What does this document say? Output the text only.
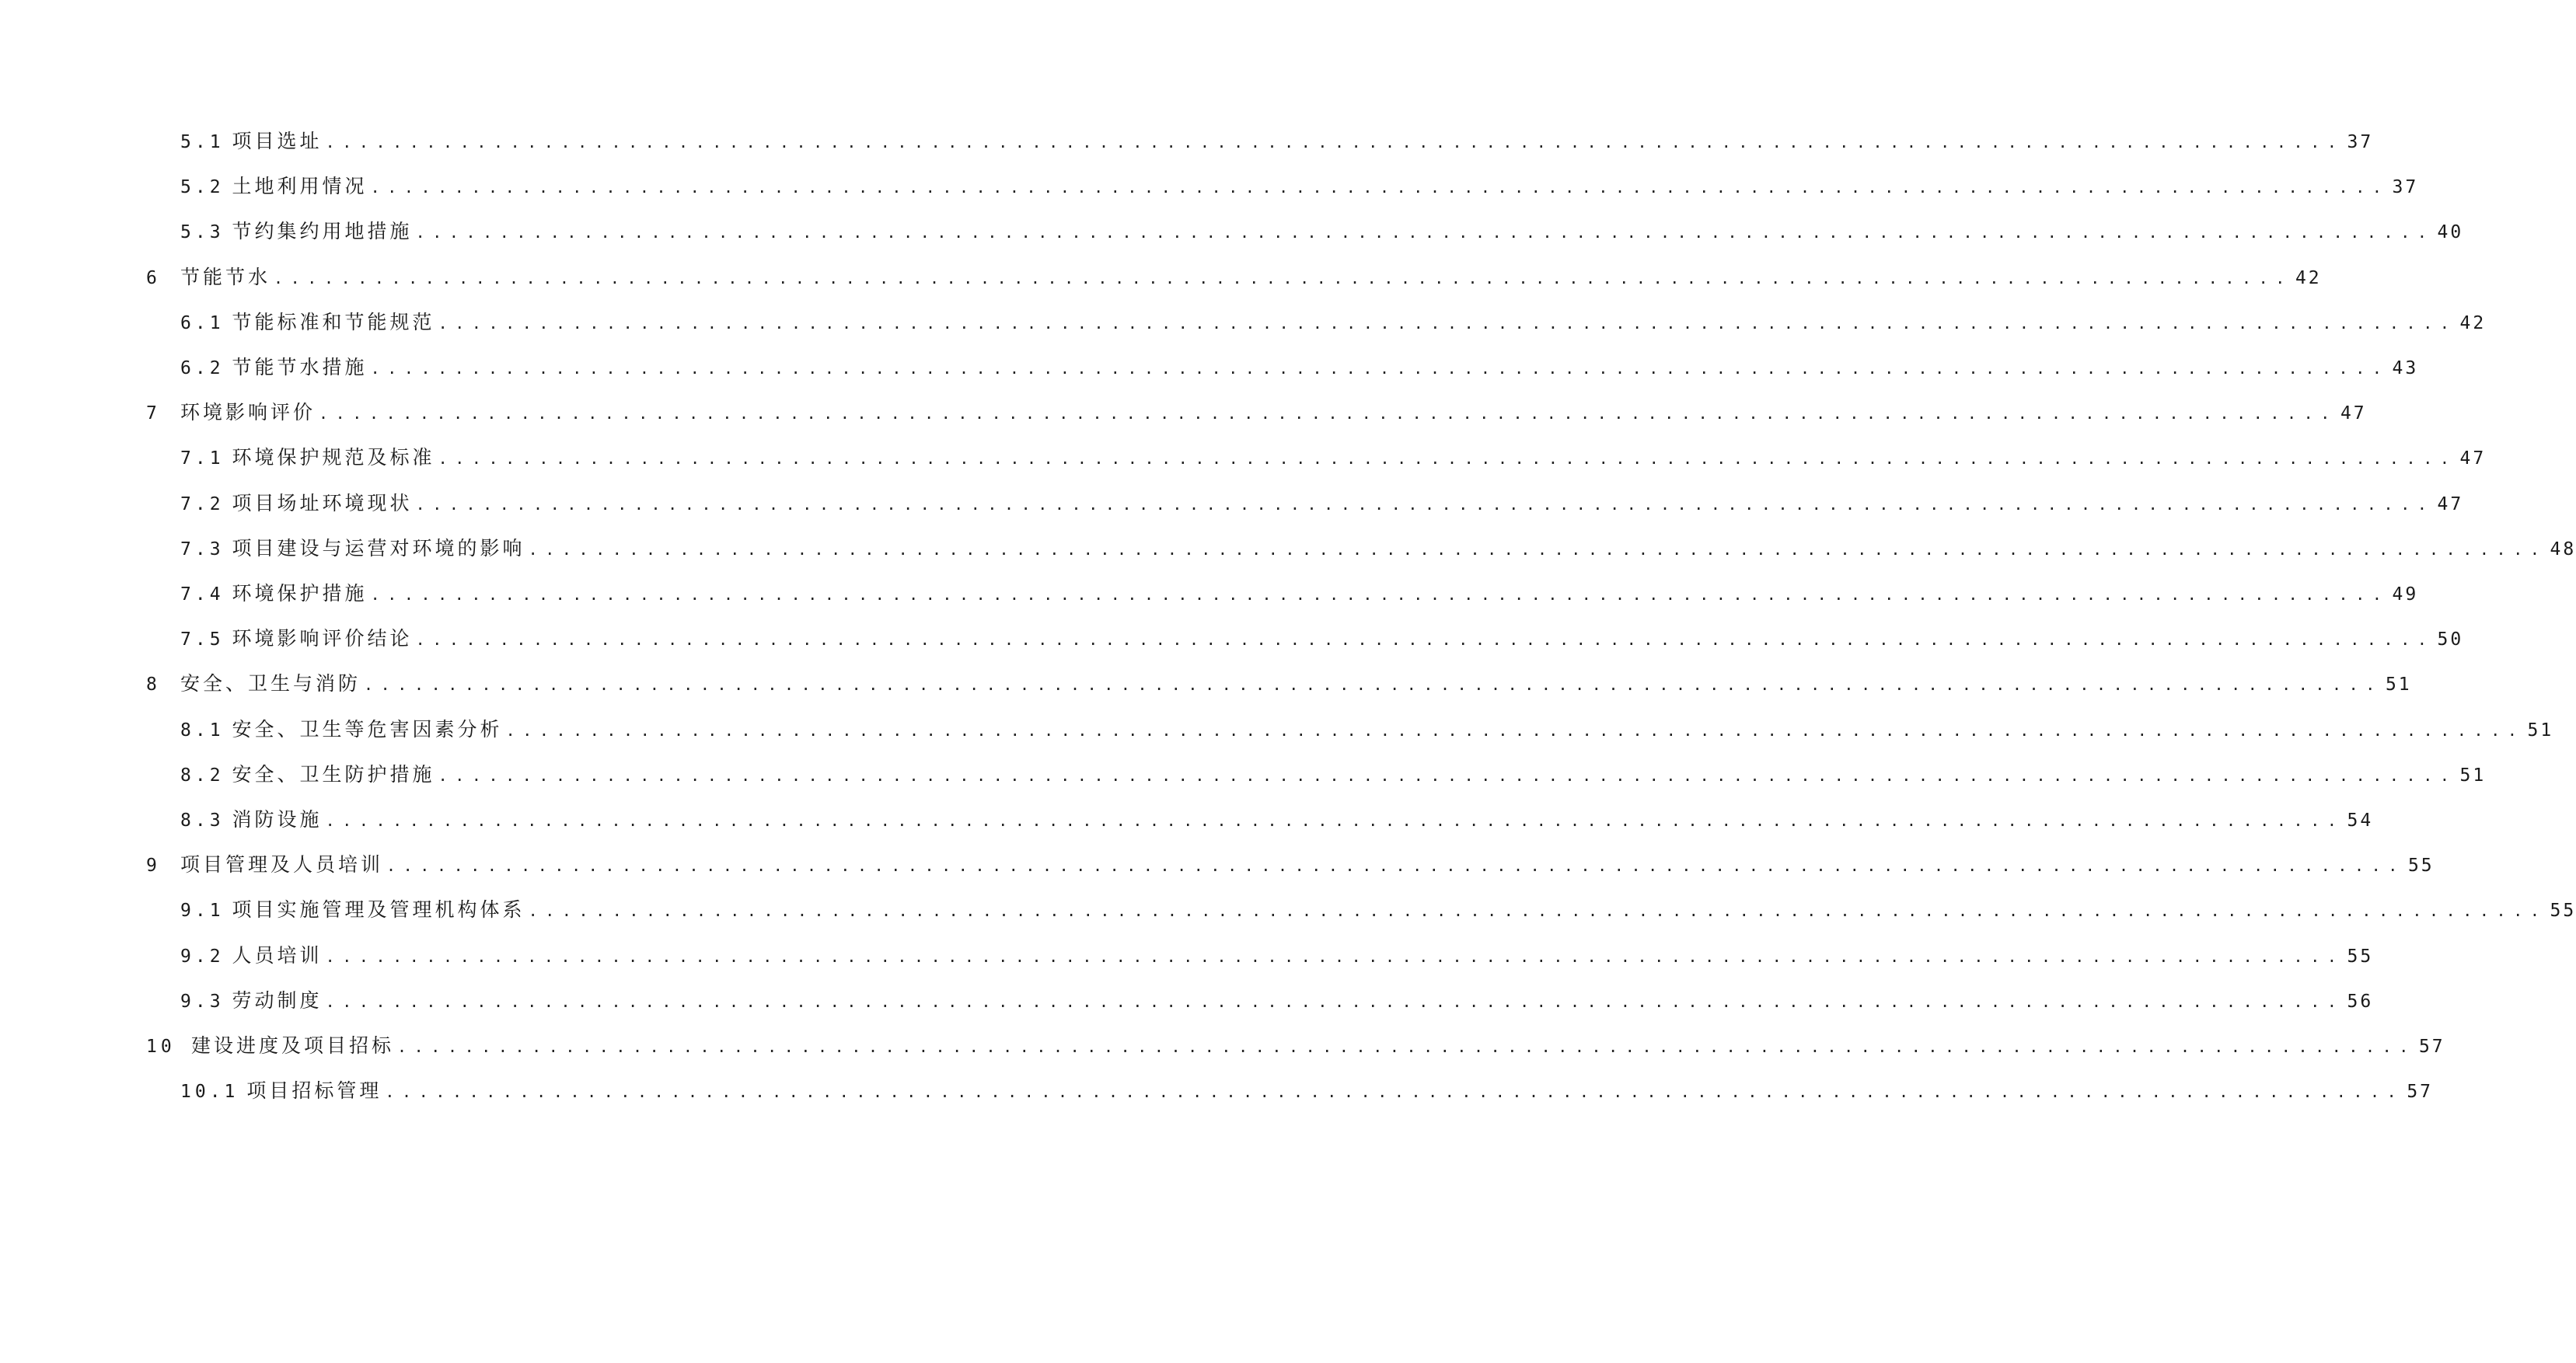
5.1 项目选址 ........................................................................................................................ 37
5.2 土地利用情况 ........................................................................................................................ 37
5.3 节约集约用地措施 ........................................................................................................................ 40
6	节能节水 ........................................................................................................................ 42
6.1 节能标准和节能规范 ........................................................................................................................ 42
6.2 节能节水措施 ........................................................................................................................ 43
7	环境影响评价 ........................................................................................................................ 47
7.1 环境保护规范及标准 ........................................................................................................................ 47
7.2 项目场址环境现状 ........................................................................................................................ 47
7.3 项目建设与运营对环境的影响 ........................................................................................................................ 48
7.4 环境保护措施 ........................................................................................................................ 49
7.5 环境影响评价结论 ........................................................................................................................ 50
8	安全、卫生与消防 ........................................................................................................................ 51
8.1 安全、卫生等危害因素分析 ........................................................................................................................ 51
8.2 安全、卫生防护措施 ........................................................................................................................ 51
8.3 消防设施 ........................................................................................................................ 54
9	项目管理及人员培训 ........................................................................................................................ 55
9.1 项目实施管理及管理机构体系 ........................................................................................................................ 55
9.2 人员培训 ........................................................................................................................ 55
9.3 劳动制度 ........................................................................................................................ 56
10 建设进度及项目招标 ........................................................................................................................ 57
10.1 项目招标管理 ........................................................................................................................ 57
